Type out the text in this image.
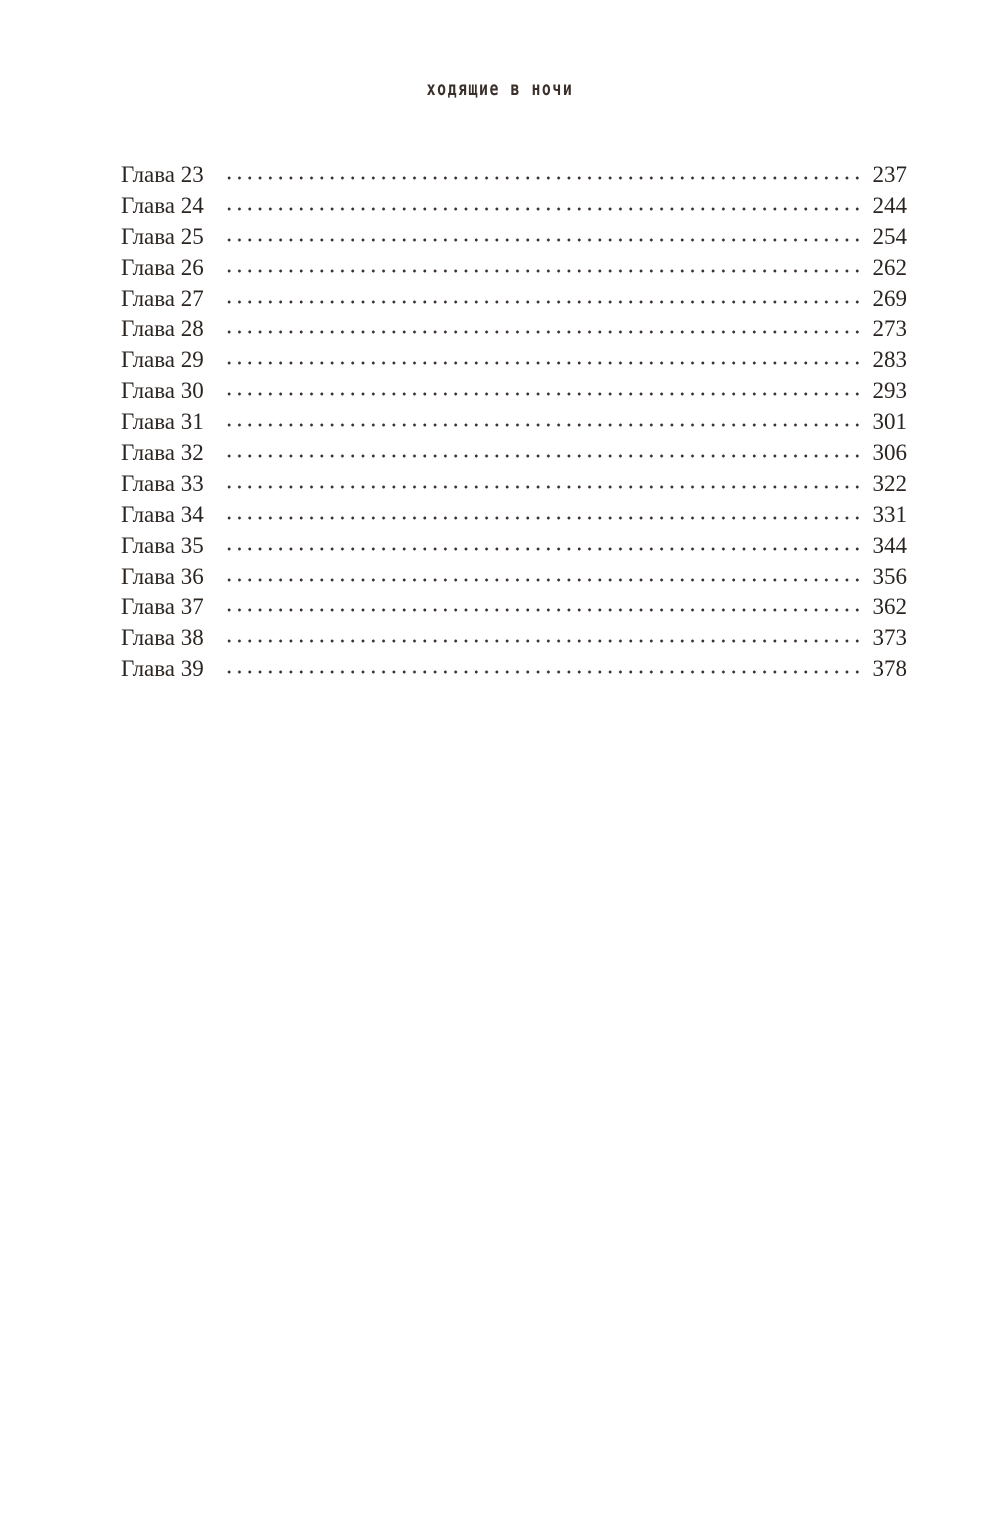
ходящие в ночи
Глава 23	237
Глава 24	244
Глава 25	254
Глава 26	262
Глава 27	269
Глава 28	273
Глава 29	283
Глава 30	293
Глава 31	301
Глава 32	306
Глава 33	322
Глава 34	331
Глава 35	344
Глава 36	356
Глава 37	362
Глава 38	373
Глава 39	378
